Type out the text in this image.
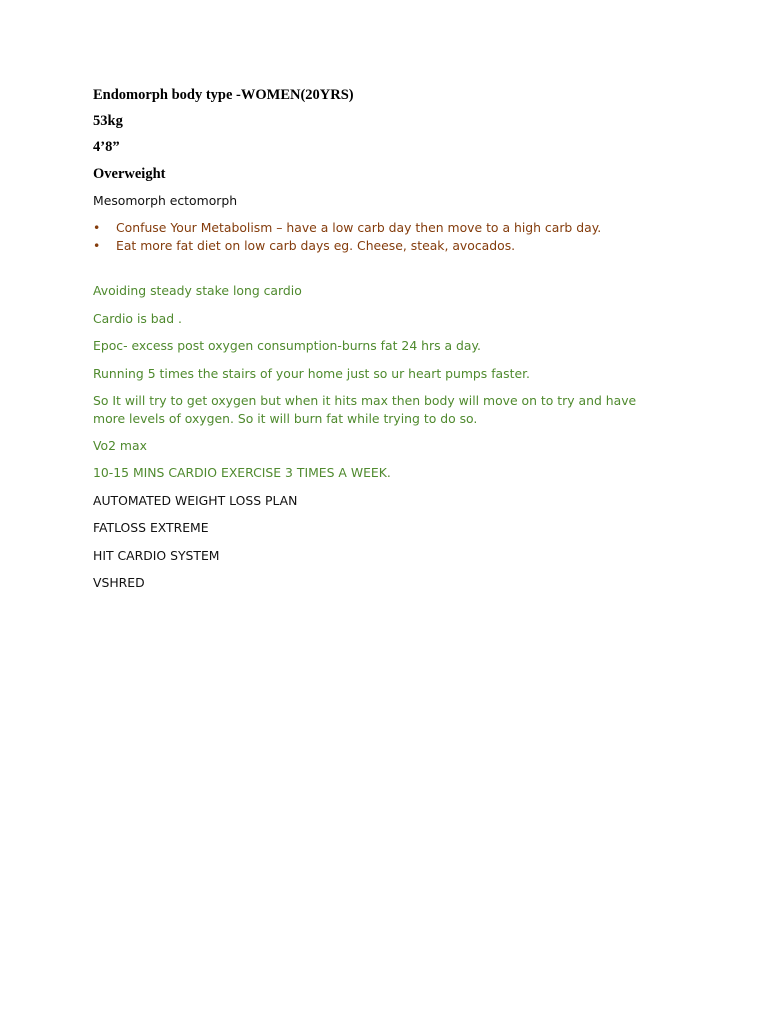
Endomorph body type -WOMEN(20YRS)

53kg

4’8”

Overweight

Mesomorph ectomorph

• Confuse Your Metabolism – have a low carb day then move to a high carb day.
• Eat more fat diet on low carb days eg. Cheese, steak, avocados.

Avoiding steady stake long cardio

Cardio is bad .

Epoc- excess post oxygen consumption-burns fat 24 hrs a day.

Running 5 times the stairs of your home just so ur heart pumps faster.

So It will try to get oxygen but when it hits max then body will move on to try and have more levels of oxygen. So it will burn fat while trying to do so.

Vo2 max

10-15 MINS CARDIO EXERCISE 3 TIMES A WEEK.

AUTOMATED WEIGHT LOSS PLAN

FATLOSS EXTREME

HIT CARDIO SYSTEM

VSHRED
